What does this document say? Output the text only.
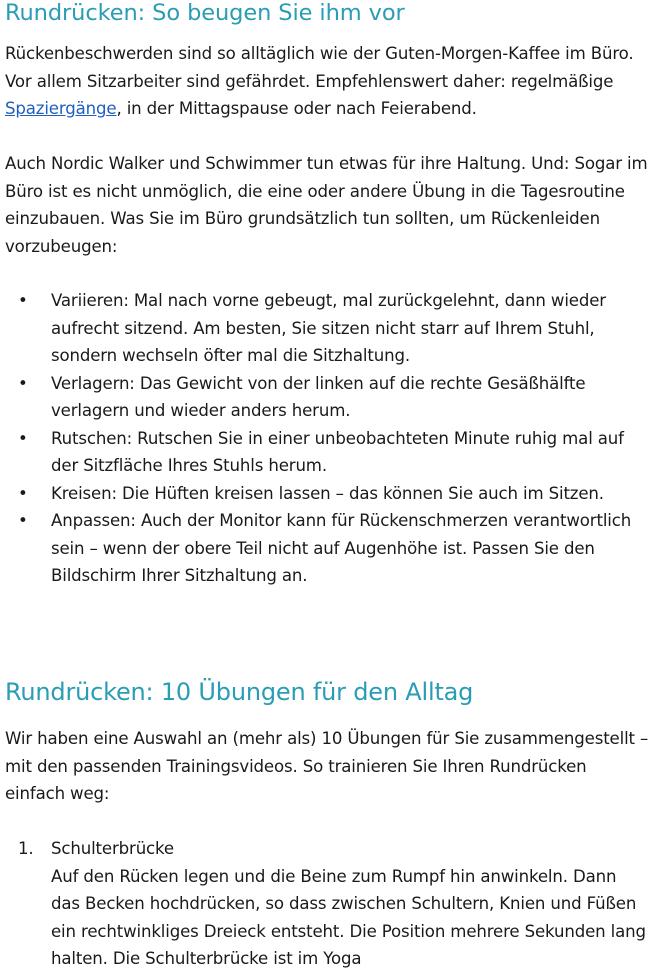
Rundrücken: So beugen Sie ihm vor

Rückenbeschwerden sind so alltäglich wie der Guten-Morgen-Kaffee im Büro. Vor allem Sitzarbeiter sind gefährdet. Empfehlenswert daher: regelmäßige Spaziergänge, in der Mittagspause oder nach Feierabend.

Auch Nordic Walker und Schwimmer tun etwas für ihre Haltung. Und: Sogar im Büro ist es nicht unmöglich, die eine oder andere Übung in die Tagesroutine einzubauen. Was Sie im Büro grundsätzlich tun sollten, um Rückenleiden vorzubeugen:

• Variieren: Mal nach vorne gebeugt, mal zurückgelehnt, dann wieder aufrecht sitzend. Am besten, Sie sitzen nicht starr auf Ihrem Stuhl, sondern wechseln öfter mal die Sitzhaltung.
• Verlagern: Das Gewicht von der linken auf die rechte Gesäßhälfte verlagern und wieder anders herum.
• Rutschen: Rutschen Sie in einer unbeobachteten Minute ruhig mal auf der Sitzfläche Ihres Stuhls herum.
• Kreisen: Die Hüften kreisen lassen – das können Sie auch im Sitzen.
• Anpassen: Auch der Monitor kann für Rückenschmerzen verantwortlich sein – wenn der obere Teil nicht auf Augenhöhe ist. Passen Sie den Bildschirm Ihrer Sitzhaltung an.
Rundrücken: 10 Übungen für den Alltag

Wir haben eine Auswahl an (mehr als) 10 Übungen für Sie zusammengestellt – mit den passenden Trainingsvideos. So trainieren Sie Ihren Rundrücken einfach weg:

1. Schulterbrücke
Auf den Rücken legen und die Beine zum Rumpf hin anwinkeln. Dann das Becken hochdrücken, so dass zwischen Schultern, Knien und Füßen ein rechtwinkliges Dreieck entsteht. Die Position mehrere Sekunden lang halten. Die Schulterbrücke ist im Yoga
